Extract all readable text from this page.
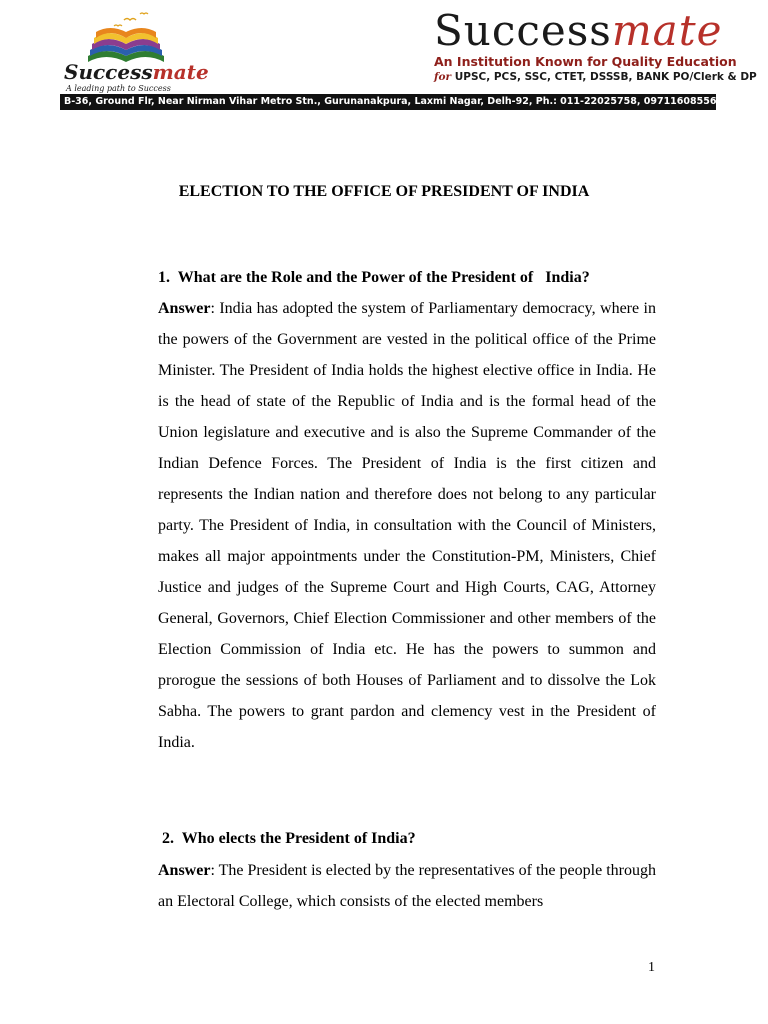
Successmate
A leading path to Success
Successmate
An Institution Known for Quality Education
for UPSC, PCS, SSC, CTET, DSSSB, BANK PO/Clerk & DP
B-36, Ground Flr, Near Nirman Vihar Metro Stn., Gurunanakpura, Laxmi Nagar, Delh-92, Ph.: 011-22025758, 09711608556
ELECTION TO THE OFFICE OF PRESIDENT OF INDIA
1.  What are the Role and the Power of the President of   India?
Answer: India has adopted the system of Parliamentary democracy, where in the powers of the Government are vested in the political office of the Prime Minister. The President of India holds the highest elective office in India. He is the head of state of the Republic of India and is the formal head of the Union legislature and executive and is also the Supreme Commander of the Indian Defence Forces. The President of India is the first citizen and represents the Indian nation and therefore does not belong to any particular party. The President of India, in consultation with the Council of Ministers, makes all major appointments under the Constitution-PM, Ministers, Chief Justice and judges of the Supreme Court and High Courts, CAG, Attorney General, Governors, Chief Election Commissioner and other members of the Election Commission of India etc. He has the powers to summon and prorogue the sessions of both Houses of Parliament and to dissolve the Lok Sabha. The powers to grant pardon and clemency vest in the President of India.
2.  Who elects the President of India?
Answer: The President is elected by the representatives of the people through an Electoral College, which consists of the elected members
1
